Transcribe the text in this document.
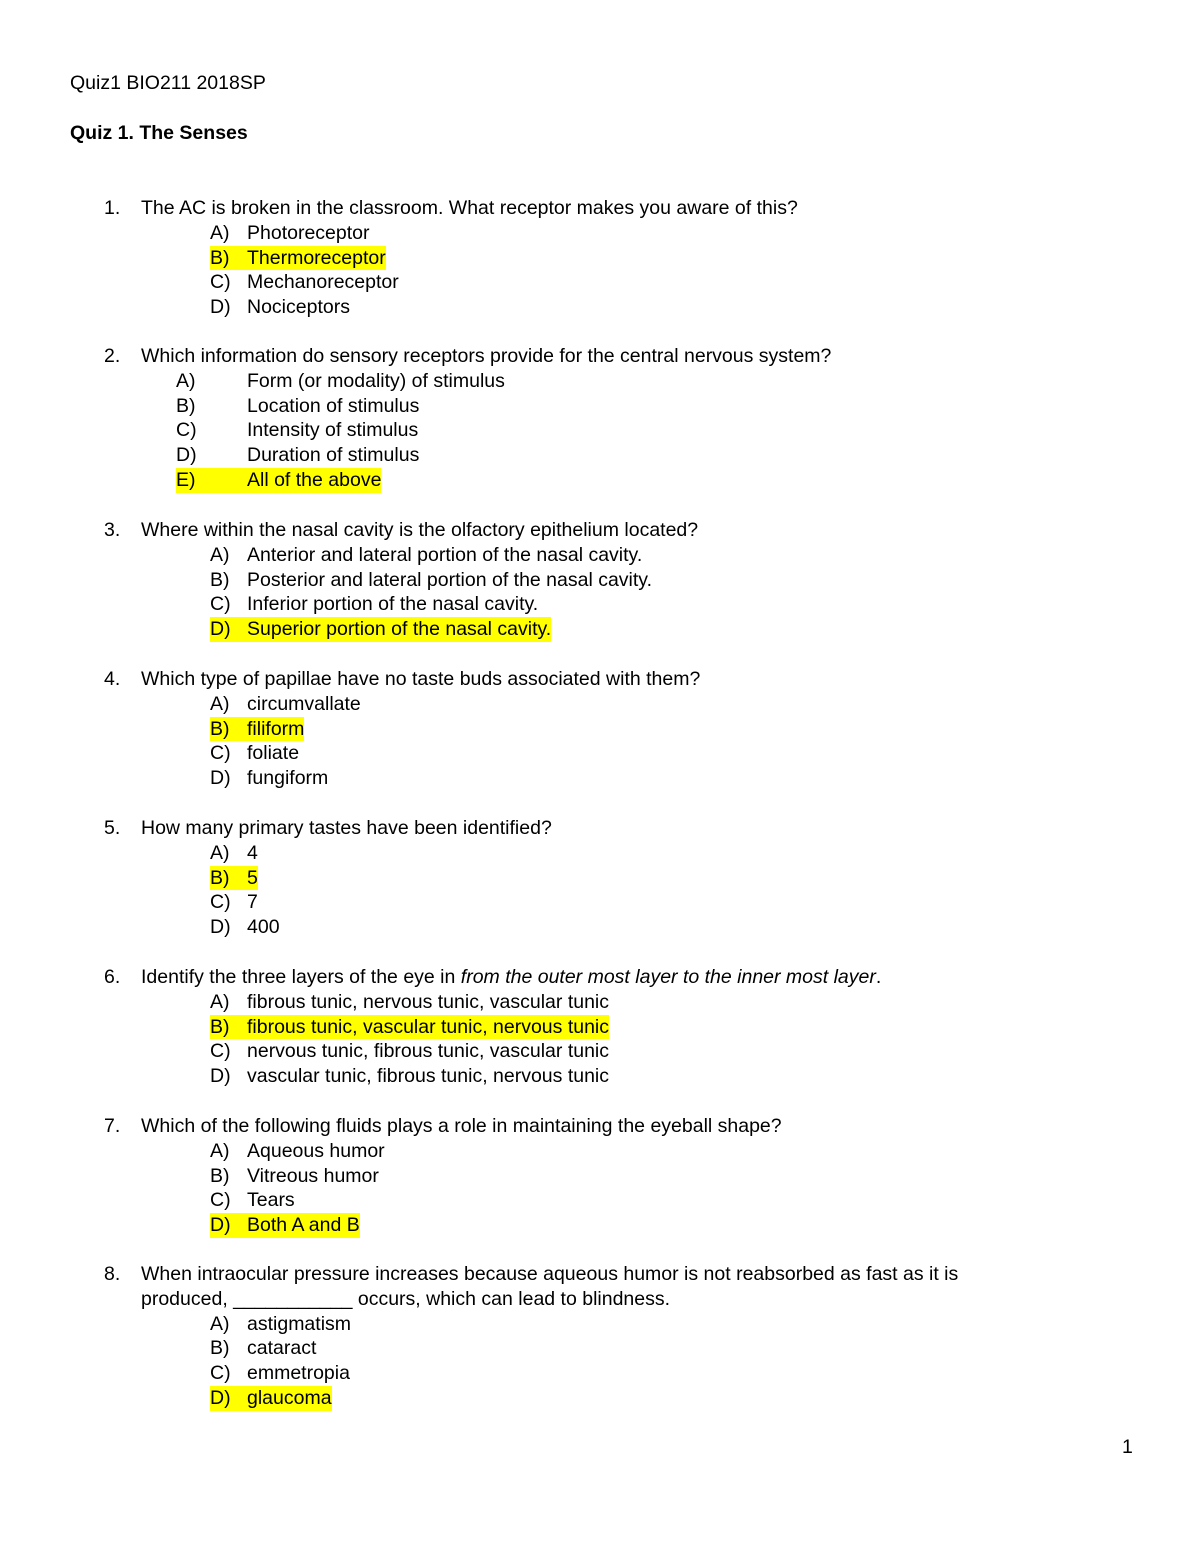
Quiz1 BIO211 2018SP
Quiz 1. The Senses
1. The AC is broken in the classroom. What receptor makes you aware of this?
A) Photoreceptor
B) Thermoreceptor
C) Mechanoreceptor
D) Nociceptors
2. Which information do sensory receptors provide for the central nervous system?
A)	Form (or modality) of stimulus
B)	Location of stimulus
C)	Intensity of stimulus
D)	Duration of stimulus
E)	All of the above
3. Where within the nasal cavity is the olfactory epithelium located?
A) Anterior and lateral portion of the nasal cavity.
B) Posterior and lateral portion of the nasal cavity.
C) Inferior portion of the nasal cavity.
D) Superior portion of the nasal cavity.
4. Which type of papillae have no taste buds associated with them?
A) circumvallate
B) filiform
C) foliate
D) fungiform
5. How many primary tastes have been identified?
A) 4
B) 5
C) 7
D) 400
6. Identify the three layers of the eye in from the outer most layer to the inner most layer.
A) fibrous tunic, nervous tunic, vascular tunic
B) fibrous tunic, vascular tunic, nervous tunic
C) nervous tunic, fibrous tunic, vascular tunic
D) vascular tunic, fibrous tunic, nervous tunic
7. Which of the following fluids plays a role in maintaining the eyeball shape?
A) Aqueous humor
B) Vitreous humor
C) Tears
D) Both A and B
8. When intraocular pressure increases because aqueous humor is not reabsorbed as fast as it is
produced, ___________ occurs, which can lead to blindness.
A) astigmatism
B) cataract
C) emmetropia
D) glaucoma
1
